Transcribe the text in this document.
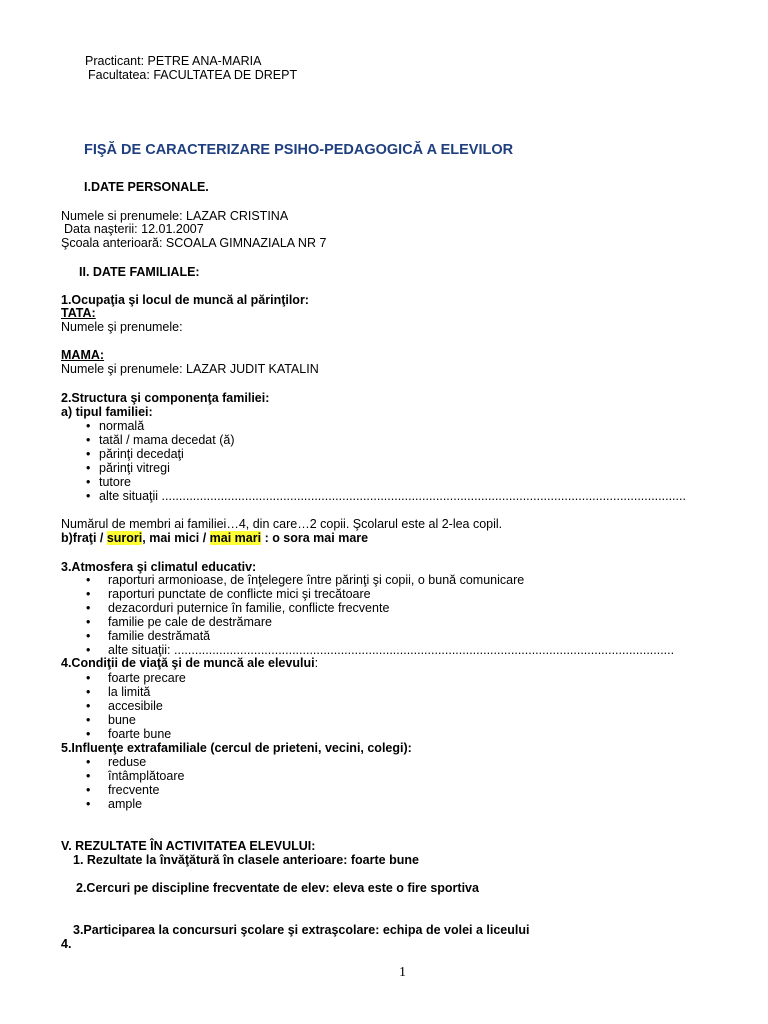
Practicant: PETRE ANA-MARIA
Facultatea: FACULTATEA DE DREPT
FIŞĂ DE CARACTERIZARE PSIHO-PEDAGOGICĂ A ELEVILOR
I.DATE PERSONALE.
Numele si prenumele: LAZAR CRISTINA
Data naşterii: 12.01.2007
Şcoala anterioară: SCOALA GIMNAZIALA NR 7
II. DATE FAMILIALE:
1.Ocupaţia şi locul de muncă al părinţilor:
TATA:
Numele şi prenumele:
MAMA:
Numele şi prenumele: LAZAR JUDIT KATALIN
2.Structura şi componenţa familiei:
a) tipul familiei:
• normală
• tatăl / mama decedat (ă)
• părinţi decedaţi
• părinţi vitregi
• tutore
• alte situaţii .......................................................................................................................................................
Numărul de membri ai familiei…4, din care…2 copii. Şcolarul este al 2-lea copil.
b)fraţi / surori, mai mici / mai mari : o sora mai mare
3.Atmosfera şi climatul educativ:
• raporturi armonioase, de înţelegere între părinţi şi copii, o bună comunicare
• raporturi punctate de conflicte mici şi trecătoare
• dezacorduri puternice în familie, conflicte frecvente
• familie pe cale de destrămare
• familie destrămată
• alte situaţii: ................................................................................................................................................
4.Condiţii de viaţă şi de muncă ale elevului:
• foarte precare
• la limită
• accesibile
• bune
• foarte bune
5.Influenţe extrafamiliale (cercul de prieteni, vecini, colegi):
• reduse
• întâmplătoare
• frecvente
• ample
V. REZULTATE ÎN ACTIVITATEA ELEVULUI:
1. Rezultate la învăţătură în clasele anterioare: foarte bune
2.Cercuri pe discipline frecventate de elev: eleva este o fire sportiva
3.Participarea la concursuri şcolare şi extraşcolare: echipa de volei a liceului
4.
1
